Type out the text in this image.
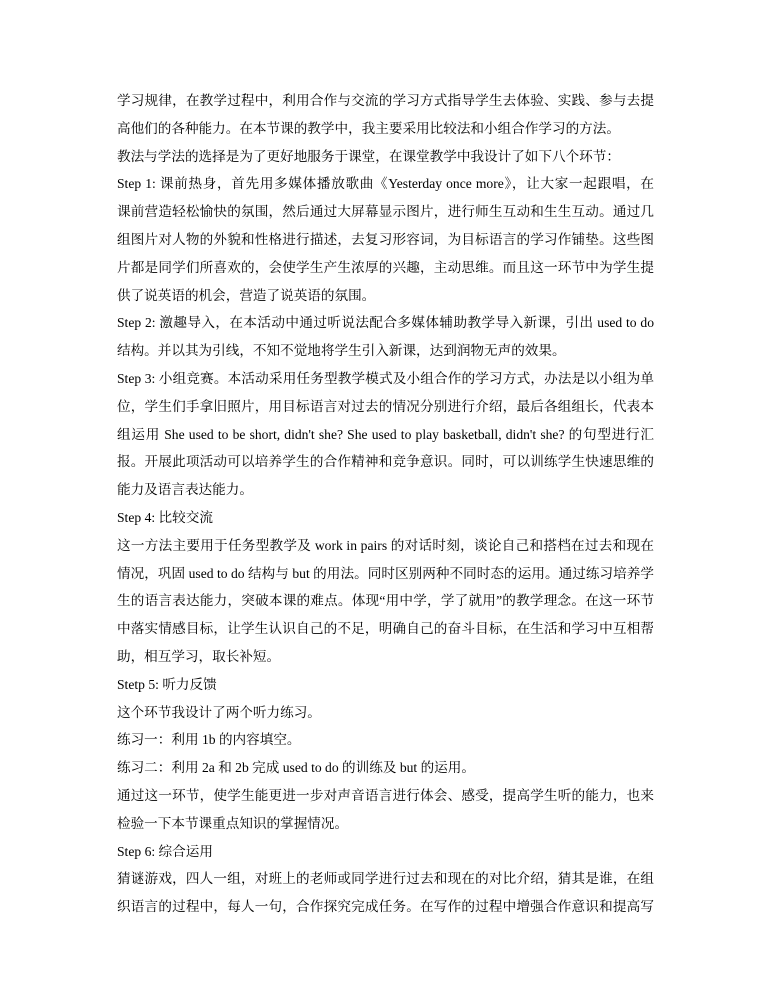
学习规律，在教学过程中，利用合作与交流的学习方式指导学生去体验、实践、参与去提
高他们的各种能力。在本节课的教学中，我主要采用比较法和小组合作学习的方法。
教法与学法的选择是为了更好地服务于课堂，在课堂教学中我设计了如下八个环节：
Step 1: 课前热身，首先用多媒体播放歌曲《Yesterday once more》，让大家一起跟唱，在
课前营造轻松愉快的氛围，然后通过大屏幕显示图片，进行师生互动和生生互动。通过几
组图片对人物的外貌和性格进行描述，去复习形容词，为目标语言的学习作铺垫。这些图
片都是同学们所喜欢的，会使学生产生浓厚的兴趣，主动思维。而且这一环节中为学生提
供了说英语的机会，营造了说英语的氛围。
Step 2: 激趣导入，在本活动中通过听说法配合多媒体辅助教学导入新课，引出 used to do
结构。并以其为引线，不知不觉地将学生引入新课，达到润物无声的效果。
Step 3: 小组竞赛。本活动采用任务型教学模式及小组合作的学习方式，办法是以小组为单
位，学生们手拿旧照片，用目标语言对过去的情况分别进行介绍，最后各组组长，代表本
组运用 She used to be short, didn't she? She used to play basketball, didn't she? 的句型进行汇
报。开展此项活动可以培养学生的合作精神和竞争意识。同时，可以训练学生快速思维的
能力及语言表达能力。
Step 4: 比较交流
这一方法主要用于任务型教学及 work in pairs 的对话时刻，谈论自己和搭档在过去和现在
情况，巩固 used to do 结构与 but 的用法。同时区别两种不同时态的运用。通过练习培养学
生的语言表达能力，突破本课的难点。体现“用中学，学了就用”的教学理念。在这一环节
中落实情感目标，让学生认识自己的不足，明确自己的奋斗目标，在生活和学习中互相帮
助，相互学习，取长补短。
Stetp 5: 听力反馈
这个环节我设计了两个听力练习。
练习一：利用 1b 的内容填空。
练习二：利用 2a 和 2b 完成 used to do 的训练及 but 的运用。
通过这一环节，使学生能更进一步对声音语言进行体会、感受，提高学生听的能力，也来
检验一下本节课重点知识的掌握情况。
Step 6: 综合运用
猜谜游戏，四人一组，对班上的老师或同学进行过去和现在的对比介绍，猜其是谁，在组
织语言的过程中，每人一句，合作探究完成任务。在写作的过程中增强合作意识和提高写
